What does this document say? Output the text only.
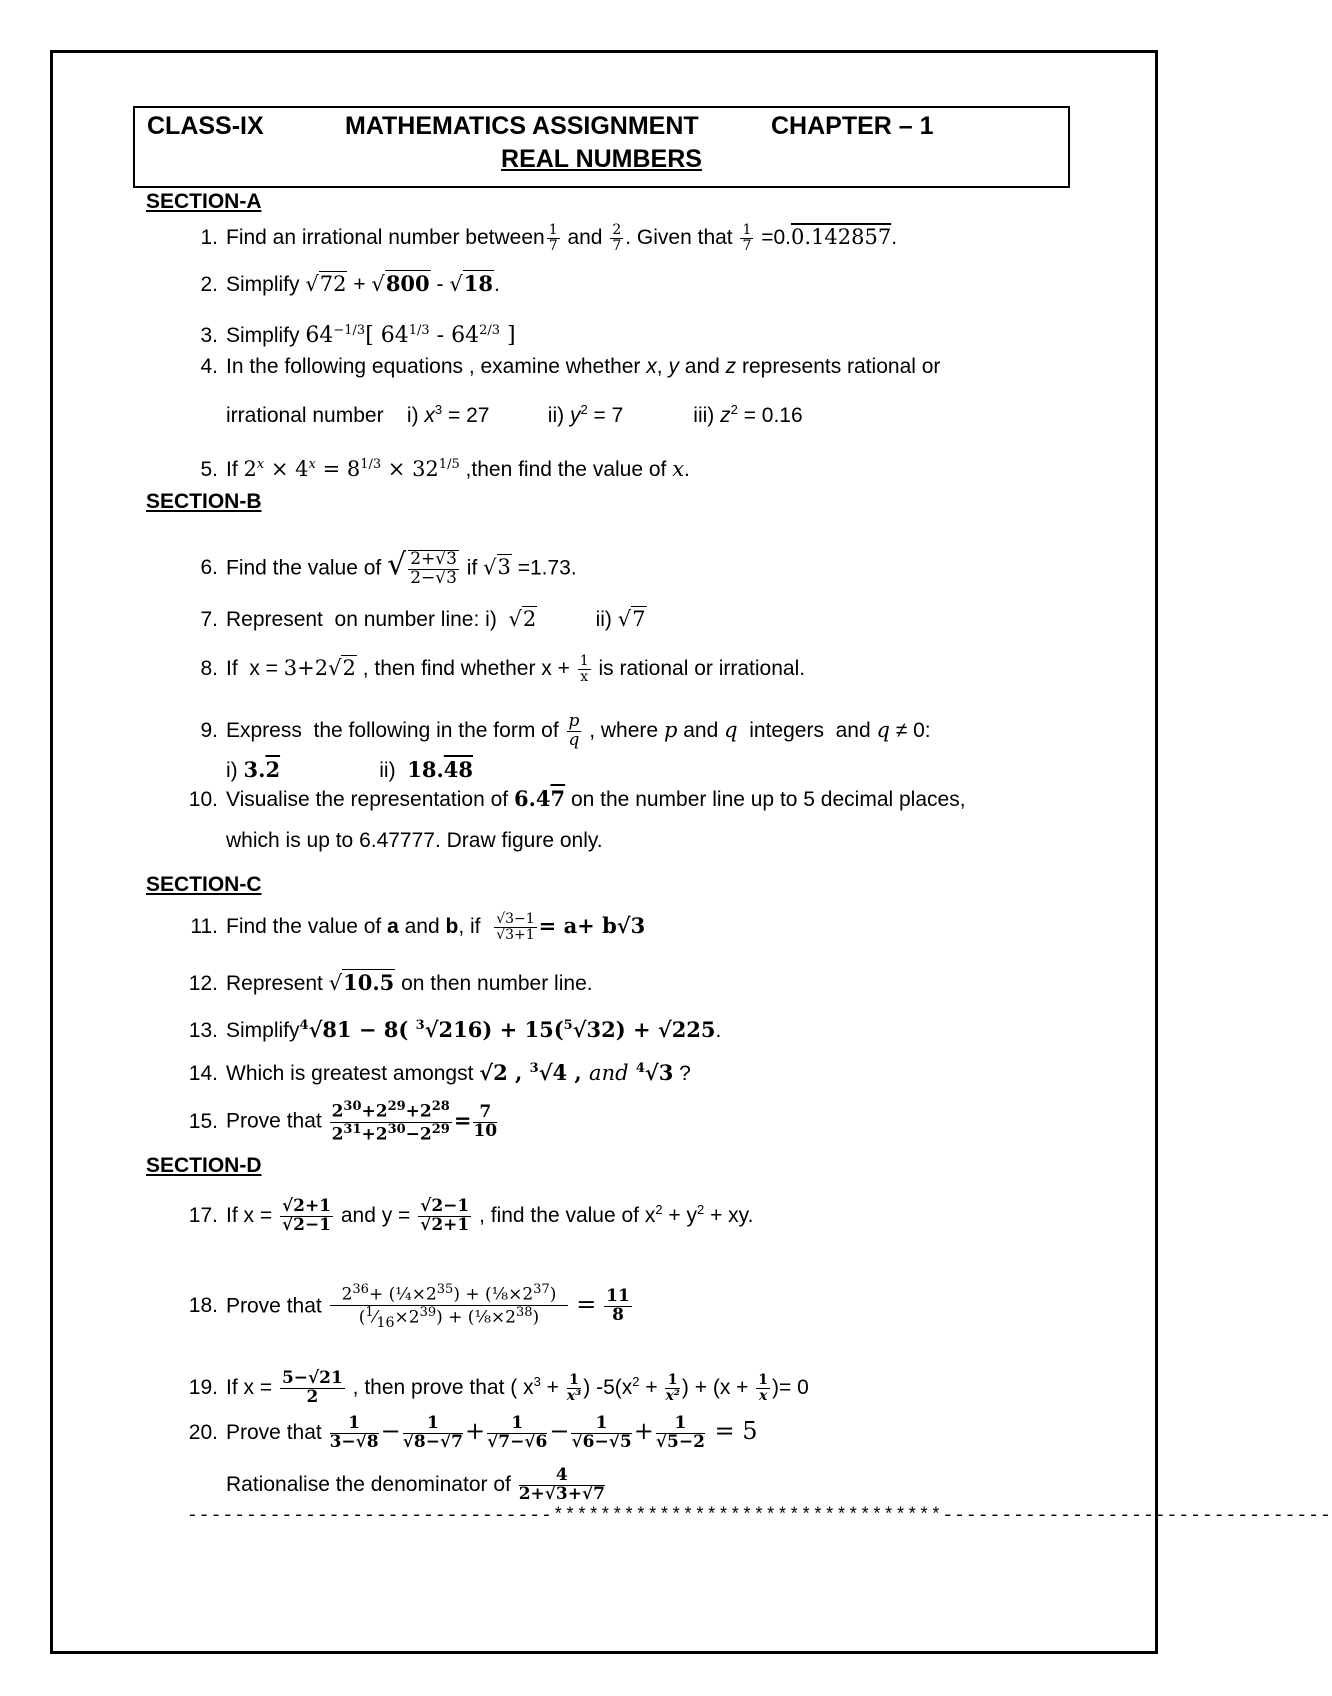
CLASS-IX	MATHEMATICS ASSIGNMENT	CHAPTER – 1
REAL NUMBERS
SECTION-A
1. Find an irrational number between $\frac{1}{7}$ and $\frac{2}{7}$ . Given that $\frac{1}{7} =0.0.142857$.
2. Simplify √72 + √800 - √18.
3. Simplify $64^{-1/3}$[ $64^{1/3} - 64^{2/3}$ ]
4. In the following equations , examine whether x, y and z represents rational or
irrational number    i) $x^3 = 27$          ii) $y^2 = 7$            iii) $z^2 = 0.16$
5. If $2^x \times 4^x = 8^{1/3} \times 32^{1/5}$ ,then find the value of x.
SECTION-B
6. Find the value of √ $\frac{2+√3}{2-√3}$ if √3 =1.73.
7. Represent  on number line: i)  √2          ii) √7
8. If  x = 3+2√2 , then find whether $x + \frac{1}{x}$ is rational or irrational.
9. Express  the following in the form of $\frac{p}{q}$ , where p and q  integers  and q ≠ 0:
i) 3.2                 ii)  18.48
10. Visualise the representation of 6.47 on the number line up to 5 decimal places,
which is up to 6.47777. Draw figure only.
SECTION-C
11. Find the value of a and b, if $\frac{√3-1}{√3+1} = a+ b√3$
12. Represent √10.5 on then number line.
13. Simplify$^4$√81 − 8( $^3$√216) + 15($^5$√32) + √225.
14. Which is greatest amongst √2 , $^3$√4 , and $^4$√3 ?
15. Prove that $\frac{2^{30}+2^{29}+2^{28}}{2^{31}+2^{30}-2^{29}} = \frac{7}{10}$
SECTION-D
17. If $x = \frac{√2+1}{√2-1}$ and $y = \frac{√2-1}{√2+1}$ , find the value of $x^2 + y^2$ + xy.
18. Prove that $\frac{2^{36}+ (\frac{1}{4}\times 2^{35}) + (\frac{1}{8}\times 2^{37})}{(^1⁄_{16}\times 2^{39}) + (\frac{1}{8}\times 2^{38})} = \frac{11}{8}$
19. If $x = \frac{5-√21}{2}$ , then prove that ( $x^3 + \frac{1}{\text{x³}}$ ) $-5(x^2 + \frac{1}{\text{x²}}$ ) + ($x + \frac{1}{x}$ )= 0
20. Prove that $\frac{1}{3-√8} - \frac{1}{√8-√7} + \frac{1}{√7-√6} - \frac{1}{√6-√5} + \frac{1}{√5-2} = 5$
Rationalise the denominator of $\frac{4}{2+√3+√7}$
-------------------------------*********************************---------------------------------
